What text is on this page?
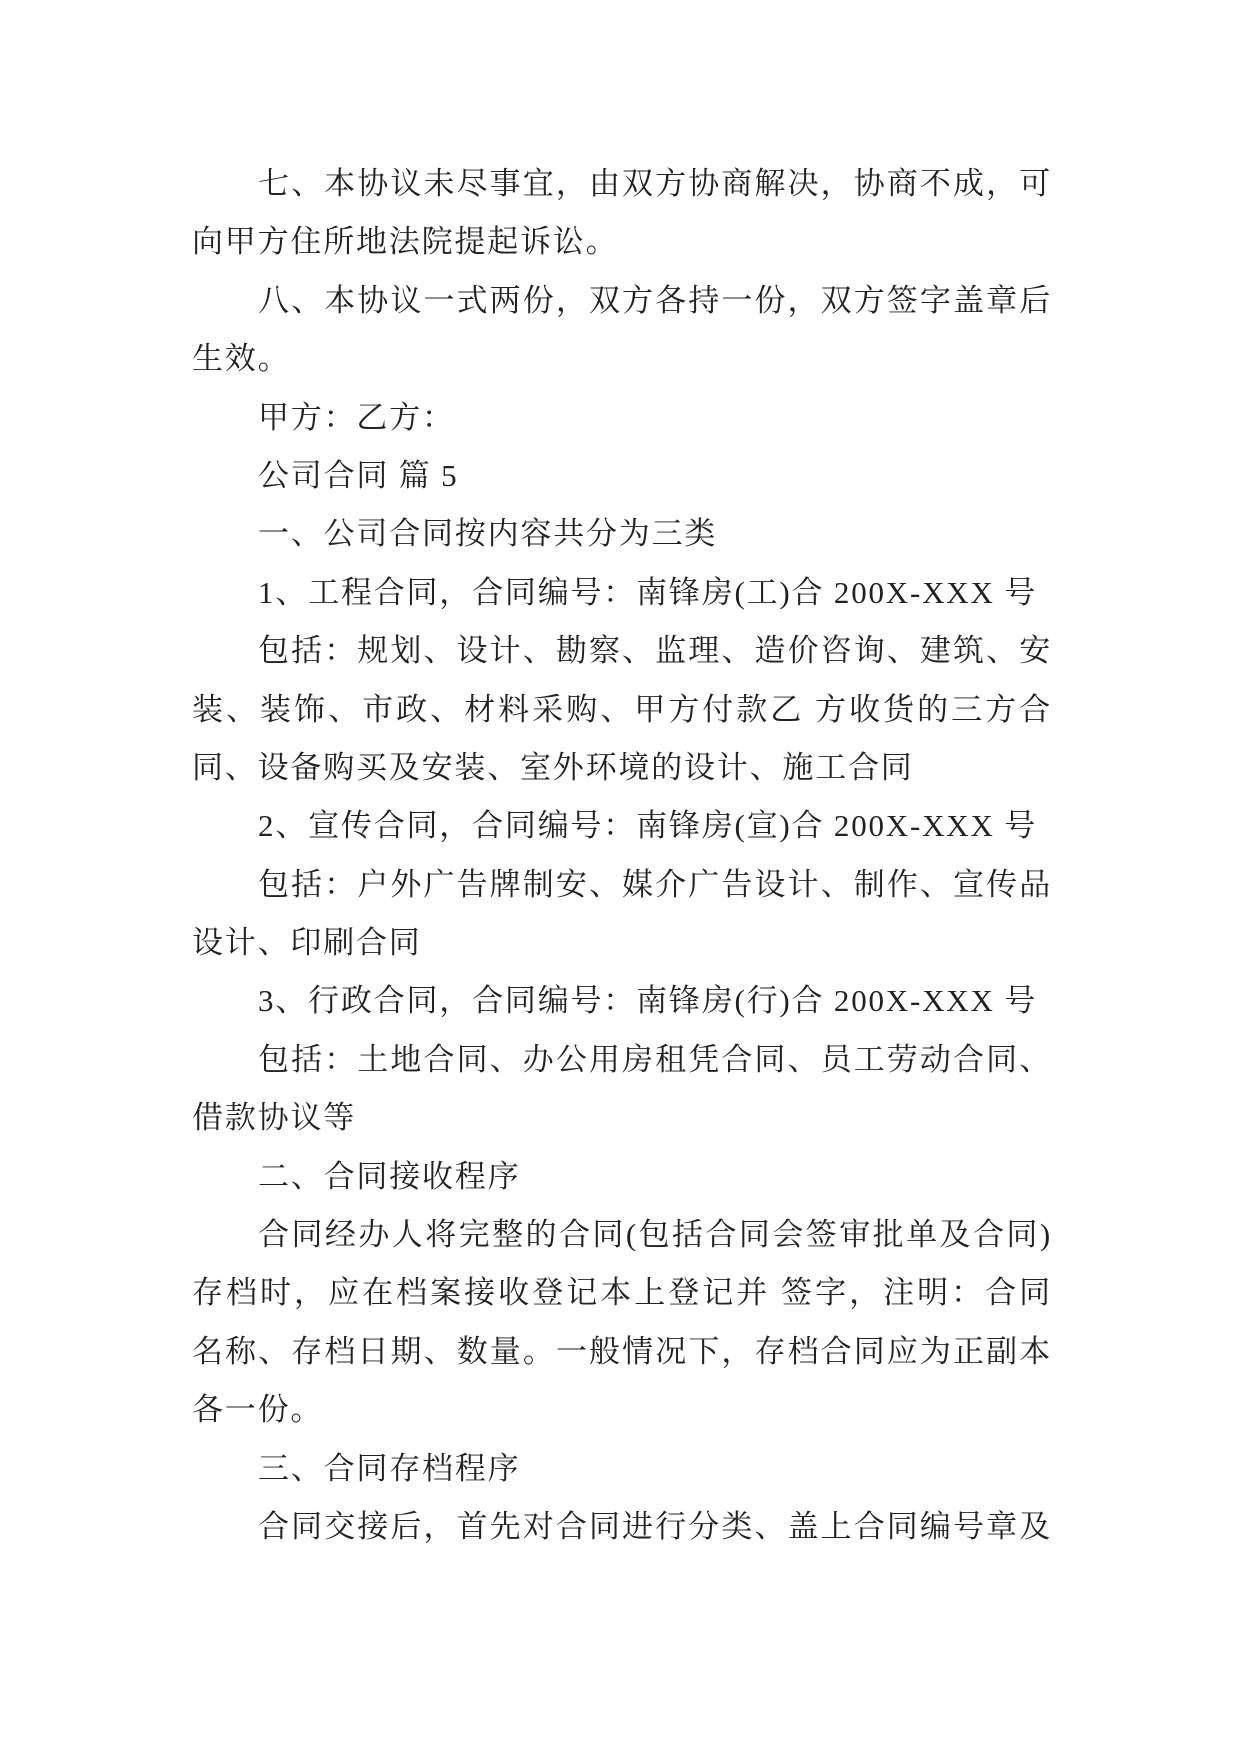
七、本协议未尽事宜，由双方协商解决，协商不成，可
向甲方住所地法院提起诉讼。
八、本协议一式两份，双方各持一份，双方签字盖章后
生效。
甲方：乙方：
公司合同 篇 5
一、公司合同按内容共分为三类
1、工程合同，合同编号：南锋房(工)合 200X-XXX 号
包括：规划、设计、勘察、监理、造价咨询、建筑、安
装、装饰、市政、材料采购、甲方付款乙 方收货的三方合
同、设备购买及安装、室外环境的设计、施工合同
2、宣传合同，合同编号：南锋房(宣)合 200X-XXX 号
包括：户外广告牌制安、媒介广告设计、制作、宣传品
设计、印刷合同
3、行政合同，合同编号：南锋房(行)合 200X-XXX 号
包括：土地合同、办公用房租凭合同、员工劳动合同、
借款协议等
二、合同接收程序
合同经办人将完整的合同(包括合同会签审批单及合同)
存档时，应在档案接收登记本上登记并 签字，注明：合同
名称、存档日期、数量。一般情况下，存档合同应为正副本
各一份。
三、合同存档程序
合同交接后，首先对合同进行分类、盖上合同编号章及
